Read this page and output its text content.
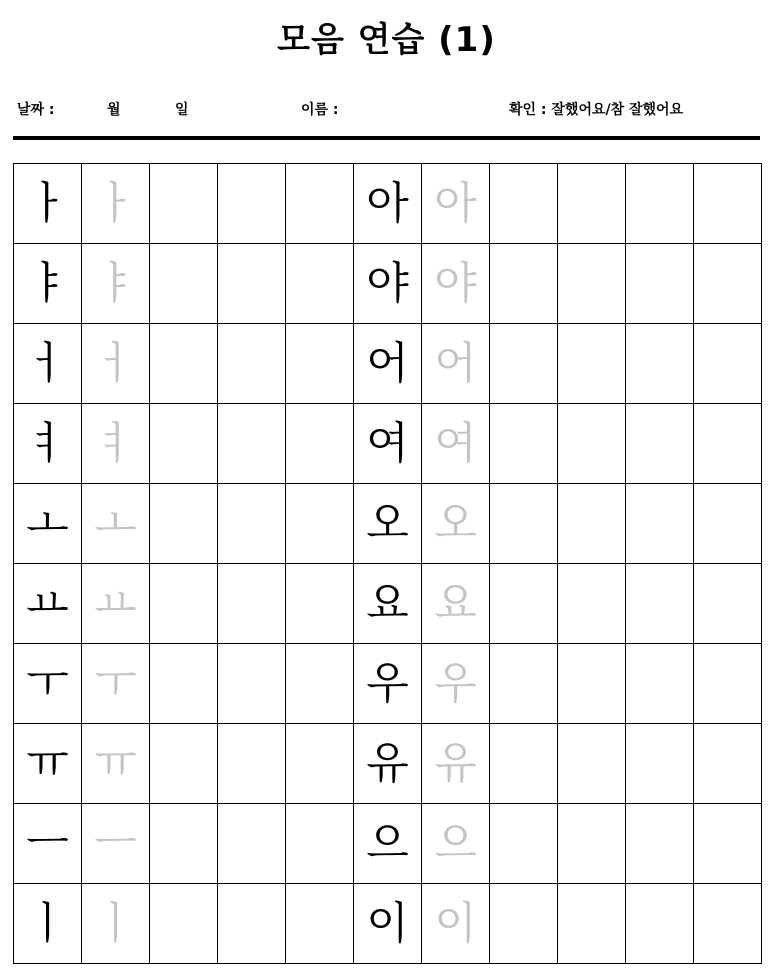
모음 연습 (1)
날짜 :	월	일	이름 :	확인 : 잘했어요/참 잘했어요
ㅏ	ㅏ				아	아				
ㅑ	ㅑ				야	야				
ㅓ	ㅓ				어	어				
ㅕ	ㅕ				여	여				
ㅗ	ㅗ				오	오				
ㅛ	ㅛ				요	요				
ㅜ	ㅜ				우	우				
ㅠ	ㅠ				유	유				
ㅡ	ㅡ				으	으				
ㅣ	ㅣ				이	이				
